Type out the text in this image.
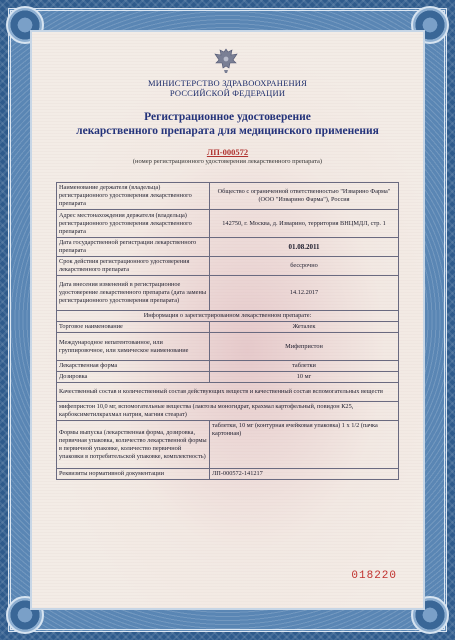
МИНИСТЕРСТВО ЗДРАВООХРАНЕНИЯ
РОССИЙСКОЙ ФЕДЕРАЦИИ
Регистрационное удостоверение
лекарственного препарата для медицинского применения
ЛП-000572
(номер регистрационного удостоверения лекарственного препарата)
Наименование держателя (владельца) регистрационного удостоверения лекарственного препарата	Общество с ограниченной ответственностью "Изварино Фарма" (ООО "Изварино Фарма"), Россия
Адрес местонахождения держателя (владельца) регистрационного удостоверения лекарственного препарата	142750, г. Москва, д. Изварино, территория ВНЦМДЛ, стр. 1
Дата государственной регистрации лекарственного препарата	01.08.2011
Срок действия регистрационного удостоверения лекарственного препарата	бессрочно
Дата внесения изменений в регистрационное удостоверение лекарственного препарата (дата замены регистрационного удостоверения препарата)	14.12.2017
Информация о зарегистрированном лекарственном препарате:	
Торговое наименование	Жеталек
Международное непатентованное, или группировочное, или химическое наименование	Мифепристон
Лекарственная форма	таблетки
Дозировка	10 мг
Качественный состав и количественный состав действующих веществ и качественный состав вспомогательных веществ	
мифепристон 10,0 мг, вспомогательные вещества (лактозы моногидрат, крахмал картофельный, повидон К25, карбоксиметилкрахмал натрия, магния стеарат)	
Формы выпуска (лекарственная форма, дозировка, первичная упаковка, количество лекарственной формы в первичной упаковке, количество первичной упаковки в потребительской упаковке, комплектность)	таблетки, 10 мг (контурная ячейковая упаковка) 1 х 1/2 (пачка картонная)
Реквизиты нормативной документации	ЛП-000572-141217
018220
